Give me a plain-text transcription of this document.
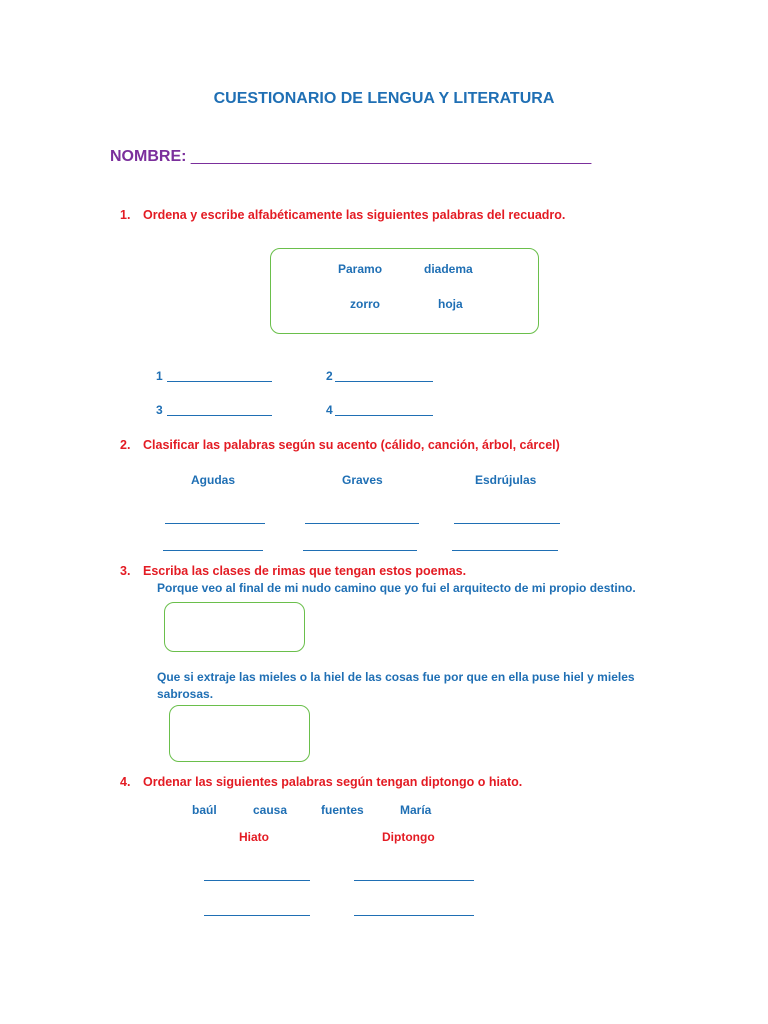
CUESTIONARIO DE LENGUA Y LITERATURA
NOMBRE: _____________________________________________
1. Ordena y escribe alfabéticamente las siguientes palabras del recuadro.
Paramo	diadema
zorro	hoja
1	2
3	4
2. Clasificar las palabras según su acento (cálido, canción, árbol, cárcel)
Agudas	Graves	Esdrújulas
3. Escriba las clases de rimas que tengan estos poemas.
Porque veo al final de mi nudo camino que yo fui el arquitecto de mi propio destino.
Que si extraje las mieles o la hiel de las cosas fue por que en ella puse hiel y mieles
sabrosas.
4. Ordenar las siguientes palabras según tengan diptongo o hiato.
baúl	causa	fuentes	María
Hiato	Diptongo
